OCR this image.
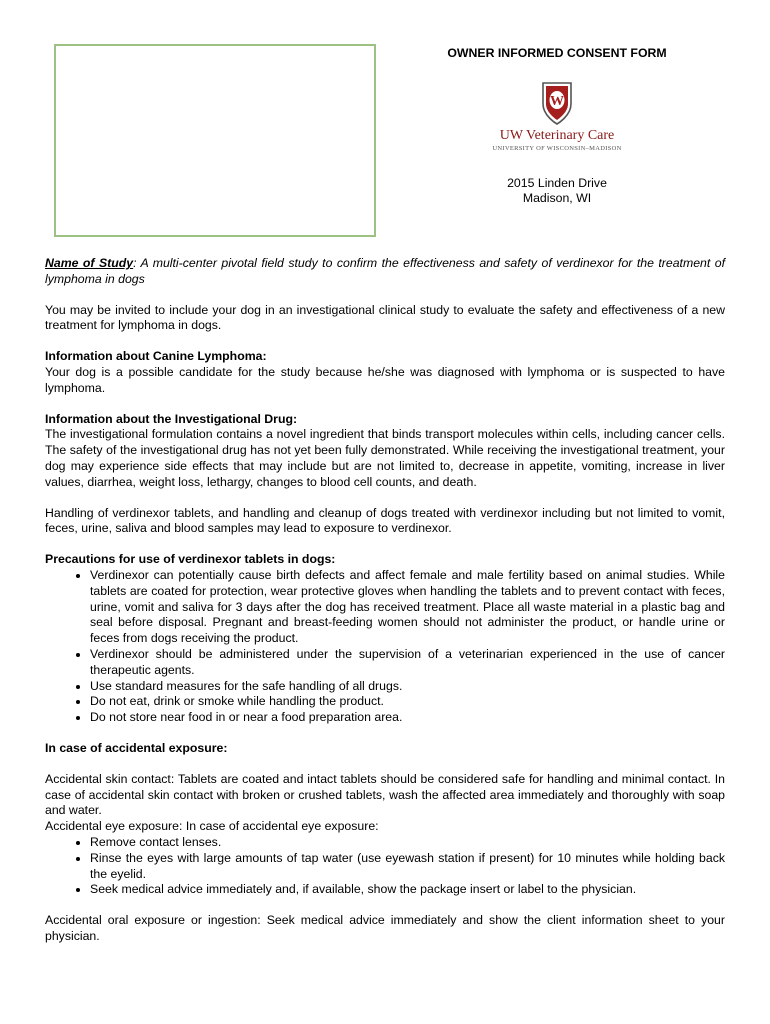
OWNER INFORMED CONSENT FORM
W
UW Veterinary Care
UNIVERSITY OF WISCONSIN–MADISON
2015 Linden Drive
Madison, WI

Name of Study: A multi-center pivotal field study to confirm the effectiveness and safety of verdinexor for the treatment of lymphoma in dogs

You may be invited to include your dog in an investigational clinical study to evaluate the safety and effectiveness of a new treatment for lymphoma in dogs.

Information about Canine Lymphoma:

Your dog is a possible candidate for the study because he/she was diagnosed with lymphoma or is suspected to have lymphoma.

Information about the Investigational Drug:

The investigational formulation contains a novel ingredient that binds transport molecules within cells, including cancer cells. The safety of the investigational drug has not yet been fully demonstrated. While receiving the investigational treatment, your dog may experience side effects that may include but are not limited to, decrease in appetite, vomiting, increase in liver values, diarrhea, weight loss, lethargy, changes to blood cell counts, and death.

Handling of verdinexor tablets, and handling and cleanup of dogs treated with verdinexor including but not limited to vomit, feces, urine, saliva and blood samples may lead to exposure to verdinexor.

Precautions for use of verdinexor tablets in dogs:

• Verdinexor can potentially cause birth defects and affect female and male fertility based on animal studies. While tablets are coated for protection, wear protective gloves when handling the tablets and to prevent contact with feces, urine, vomit and saliva for 3 days after the dog has received treatment. Place all waste material in a plastic bag and seal before disposal. Pregnant and breast-feeding women should not administer the product, or handle urine or feces from dogs receiving the product.
• Verdinexor should be administered under the supervision of a veterinarian experienced in the use of cancer therapeutic agents.
• Use standard measures for the safe handling of all drugs.
• Do not eat, drink or smoke while handling the product.
• Do not store near food in or near a food preparation area.

In case of accidental exposure:

Accidental skin contact: Tablets are coated and intact tablets should be considered safe for handling and minimal contact. In case of accidental skin contact with broken or crushed tablets, wash the affected area immediately and thoroughly with soap and water.

Accidental eye exposure: In case of accidental eye exposure:

• Remove contact lenses.
• Rinse the eyes with large amounts of tap water (use eyewash station if present) for 10 minutes while holding back the eyelid.
• Seek medical advice immediately and, if available, show the package insert or label to the physician.

Accidental oral exposure or ingestion: Seek medical advice immediately and show the client information sheet to your physician.
